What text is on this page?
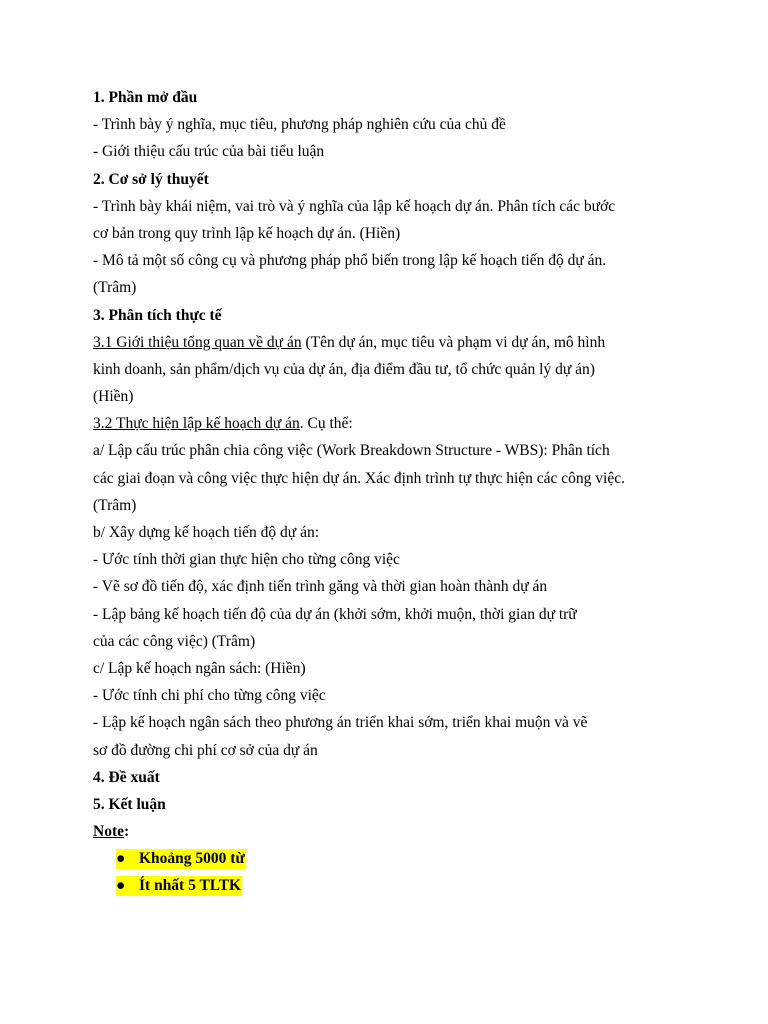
1. Phần mở đầu
- Trình bày ý nghĩa, mục tiêu, phương pháp nghiên cứu của chủ đề
- Giới thiệu cấu trúc của bài tiểu luận
2. Cơ sở lý thuyết
- Trình bày khái niệm, vai trò và ý nghĩa của lập kế hoạch dự án. Phân tích các bước
cơ bản trong quy trình lập kế hoạch dự án. (Hiền)
- Mô tả một số công cụ và phương pháp phổ biến trong lập kế hoạch tiến độ dự án.
(Trâm)
3. Phân tích thực tế
3.1 Giới thiệu tổng quan về dự án (Tên dự án, mục tiêu và phạm vi dự án, mô hình
kinh doanh, sản phẩm/dịch vụ của dự án, địa điểm đầu tư, tổ chức quản lý dự án)
(Hiền)
3.2 Thực hiện lập kế hoạch dự án. Cụ thể:
a/ Lập cấu trúc phân chia công việc (Work Breakdown Structure - WBS): Phân tích
các giai đoạn và công việc thực hiện dự án. Xác định trình tự thực hiện các công việc.
(Trâm)
b/ Xây dựng kế hoạch tiến độ dự án:
- Ước tính thời gian thực hiện cho từng công việc
- Vẽ sơ đồ tiến độ, xác định tiến trình găng và thời gian hoàn thành dự án
- Lập bảng kế hoạch tiến độ của dự án (khởi sớm, khởi muộn, thời gian dự trữ
của các công việc) (Trâm)
c/ Lập kế hoạch ngân sách: (Hiền)
- Ước tính chi phí cho từng công việc
- Lập kế hoạch ngân sách theo phương án triển khai sớm, triển khai muộn và vẽ
sơ đồ đường chi phí cơ sở của dự án
4. Đề xuất
5. Kết luận
Note:
● Khoảng 5000 từ
● Ít nhất 5 TLTK
